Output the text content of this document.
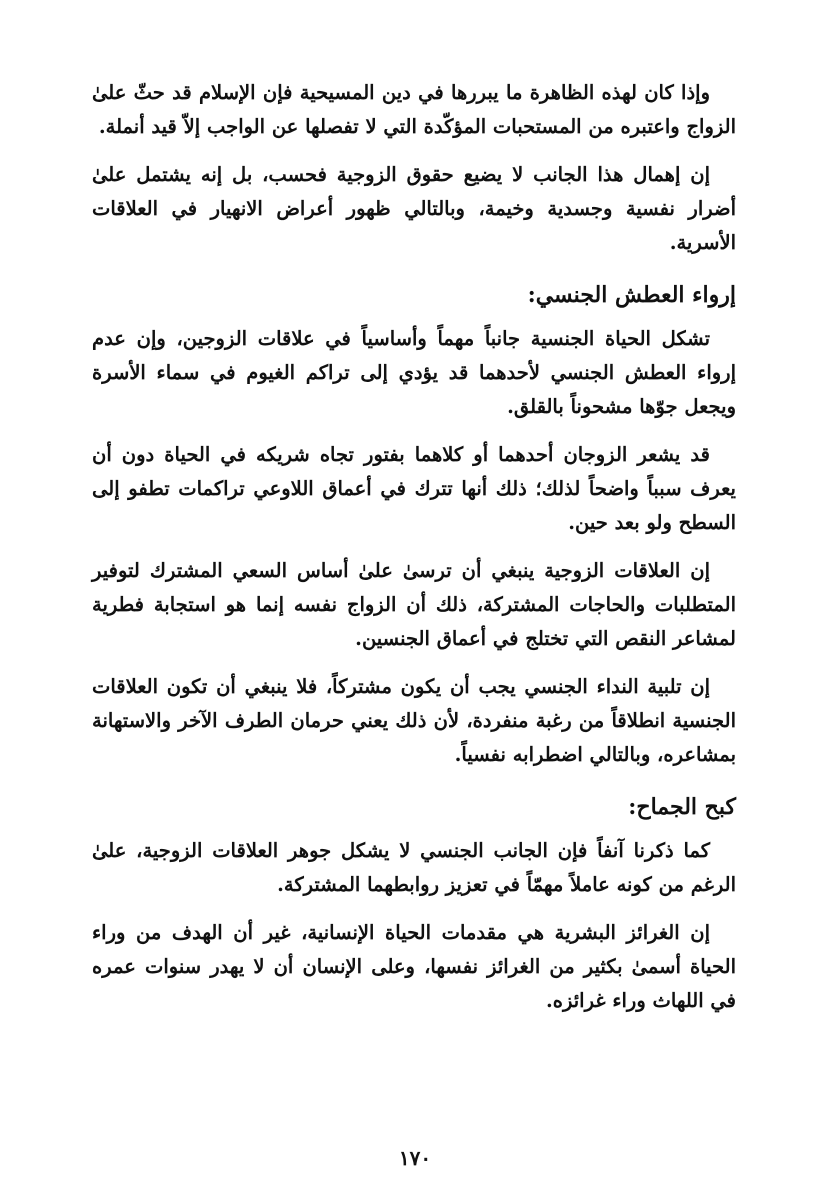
وإذا كان لهذه الظاهرة ما يبررها في دين المسيحية فإن الإسلام قد حثّ علىٰ الزواج واعتبره من المستحبات المؤكّدة التي لا تفصلها عن الواجب إلاّ قيد أنملة.

إن إهمال هذا الجانب لا يضيع حقوق الزوجية فحسب، بل إنه يشتمل علىٰ أضرار نفسية وجسدية وخيمة، وبالتالي ظهور أعراض الانهيار في العلاقات الأسرية.

إرواء العطش الجنسي:

تشكل الحياة الجنسية جانباً مهماً وأساسياً في علاقات الزوجين، وإن عدم إرواء العطش الجنسي لأحدهما قد يؤدي إلى تراكم الغيوم في سماء الأسرة ويجعل جوّها مشحوناً بالقلق.

قد يشعر الزوجان أحدهما أو كلاهما بفتور تجاه شريكه في الحياة دون أن يعرف سبباً واضحاً لذلك؛ ذلك أنها تترك في أعماق اللاوعي تراكمات تطفو إلى السطح ولو بعد حين.

إن العلاقات الزوجية ينبغي أن ترسىٰ علىٰ أساس السعي المشترك لتوفير المتطلبات والحاجات المشتركة، ذلك أن الزواج نفسه إنما هو استجابة فطرية لمشاعر النقص التي تختلج في أعماق الجنسين.

إن تلبية النداء الجنسي يجب أن يكون مشتركاً، فلا ينبغي أن تكون العلاقات الجنسية انطلاقاً من رغبة منفردة، لأن ذلك يعني حرمان الطرف الآخر والاستهانة بمشاعره، وبالتالي اضطرابه نفسياً.

كبح الجماح:

كما ذكرنا آنفاً فإن الجانب الجنسي لا يشكل جوهر العلاقات الزوجية، علىٰ الرغم من كونه عاملاً مهمّاً في تعزيز روابطهما المشتركة.

إن الغرائز البشرية هي مقدمات الحياة الإنسانية، غير أن الهدف من وراء الحياة أسمىٰ بكثير من الغرائز نفسها، وعلى الإنسان أن لا يهدر سنوات عمره في اللهاث وراء غرائزه.

١٧٠
